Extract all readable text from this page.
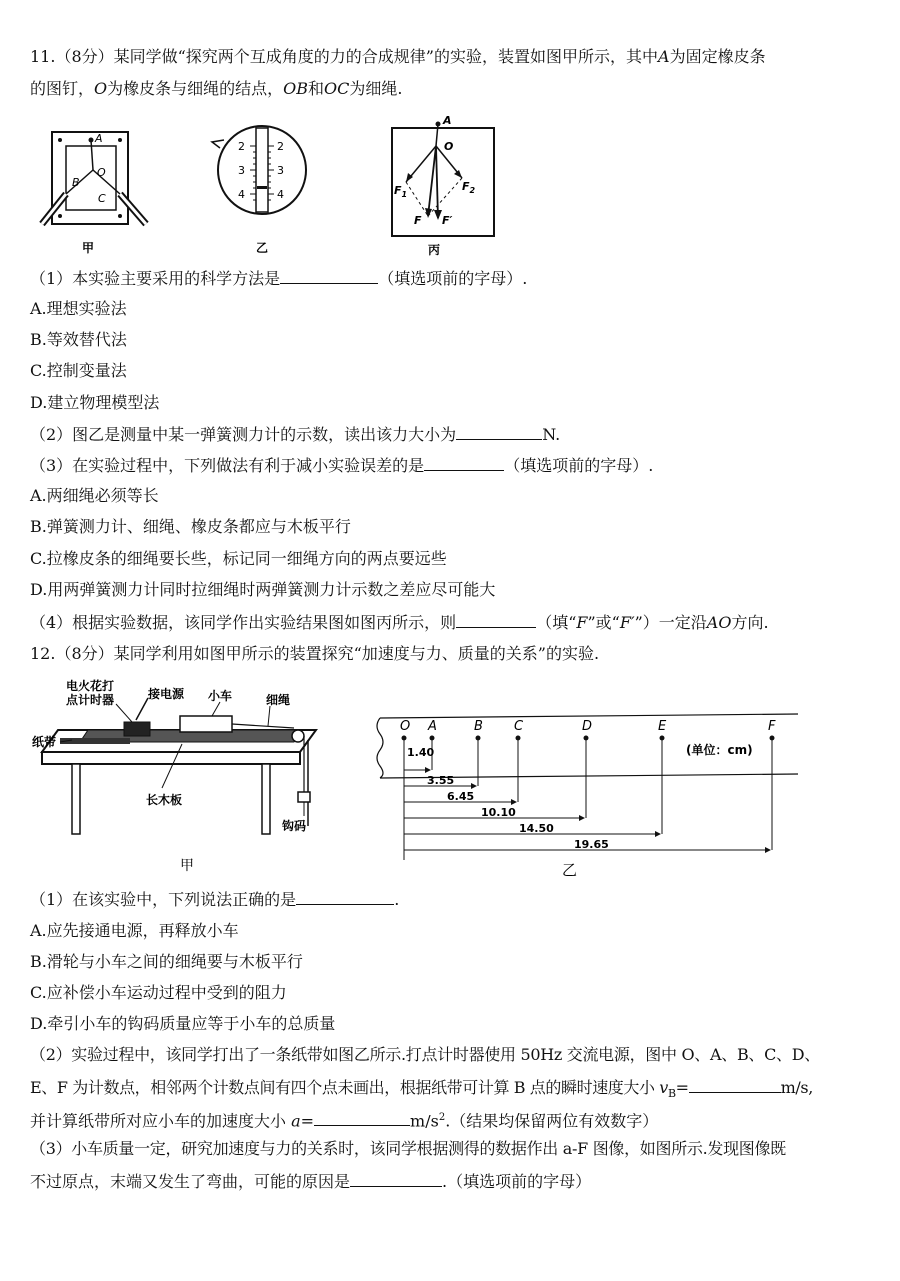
11.（8分）某同学做“探究两个互成角度的力的合成规律”的实验，装置如图甲所示，其中A为固定橡皮条
的图钉，O为橡皮条与细绳的结点，OB和OC为细绳.
A
O
B
C
甲
2
3
4
2
3
4
乙
A
O
$F_1$
$F_2$
F F′
丙
（1）本实验主要采用的科学方法是	（填选项前的字母）.
A.理想实验法
B.等效替代法
C.控制变量法
D.建立物理模型法
（2）图乙是测量中某一弹簧测力计的示数，读出该力大小为	N.
（3）在实验过程中，下列做法有利于减小实验误差的是	（填选项前的字母）.
A.两细绳必须等长
B.弹簧测力计、细绳、橡皮条都应与木板平行
C.拉橡皮条的细绳要长些，标记同一细绳方向的两点要远些
D.用两弹簧测力计同时拉细绳时两弹簧测力计示数之差应尽可能大
（4）根据实验数据，该同学作出实验结果图如图丙所示，则	（填“F”或“F′”）一定沿AO方向.
12.（8分）某同学利用如图甲所示的装置探究“加速度与力、质量的关系”的实验.
电火花打
点计时器	接电源 小车	细绳
纸带
长木板
钩码
甲
O A	B C	D	E	F
1.40
3.55
6.45
10.10
14.50
19.65
(单位：cm)
乙
（1）在该实验中，下列说法正确的是	.
A.应先接通电源，再释放小车
B.滑轮与小车之间的细绳要与木板平行
C.应补偿小车运动过程中受到的阻力
D.牵引小车的钩码质量应等于小车的总质量
（2）实验过程中，该同学打出了一条纸带如图乙所示.打点计时器使用 50Hz 交流电源，图中 O、A、B、C、D、
E、F 为计数点，相邻两个计数点间有四个点未画出，根据纸带可计算 B 点的瞬时速度大小 $v_B=$	m/s,
并计算纸带所对应小车的加速度大小 a=	$m/s^2$.（结果均保留两位有效数字）
（3）小车质量一定，研究加速度与力的关系时，该同学根据测得的数据作出 a-F 图像，如图所示.发现图像既
不过原点，末端又发生了弯曲，可能的原因是	.（填选项前的字母）
